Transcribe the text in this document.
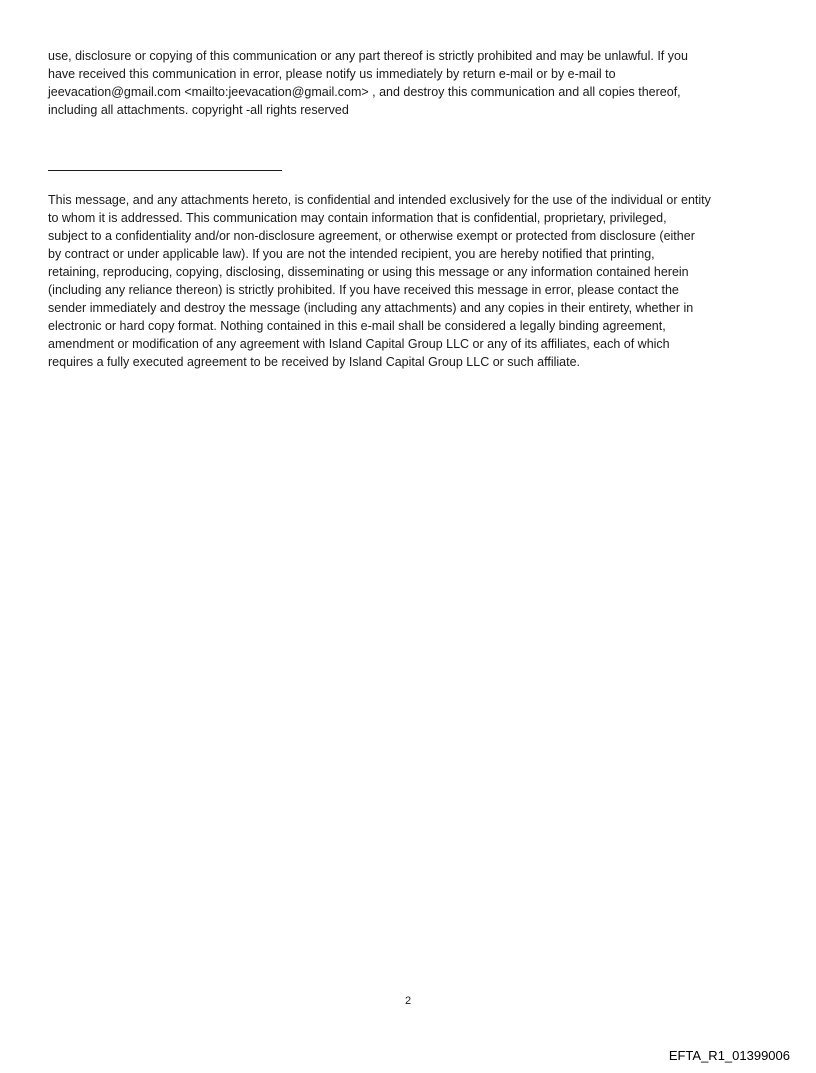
use, disclosure or copying of this communication or any part thereof is strictly prohibited and may be unlawful. If you
have received this communication in error, please notify us immediately by return e-mail or by e-mail to
jeevacation@gmail.com <mailto:jeevacation@gmail.com> , and destroy this communication and all copies thereof,
including all attachments. copyright -all rights reserved

This message, and any attachments hereto, is confidential and intended exclusively for the use of the individual or entity
to whom it is addressed. This communication may contain information that is confidential, proprietary, privileged,
subject to a confidentiality and/or non-disclosure agreement, or otherwise exempt or protected from disclosure (either
by contract or under applicable law). If you are not the intended recipient, you are hereby notified that printing,
retaining, reproducing, copying, disclosing, disseminating or using this message or any information contained herein
(including any reliance thereon) is strictly prohibited. If you have received this message in error, please contact the
sender immediately and destroy the message (including any attachments) and any copies in their entirety, whether in
electronic or hard copy format. Nothing contained in this e-mail shall be considered a legally binding agreement,
amendment or modification of any agreement with Island Capital Group LLC or any of its affiliates, each of which
requires a fully executed agreement to be received by Island Capital Group LLC or such affiliate.

2
EFTA_R1_01399006
